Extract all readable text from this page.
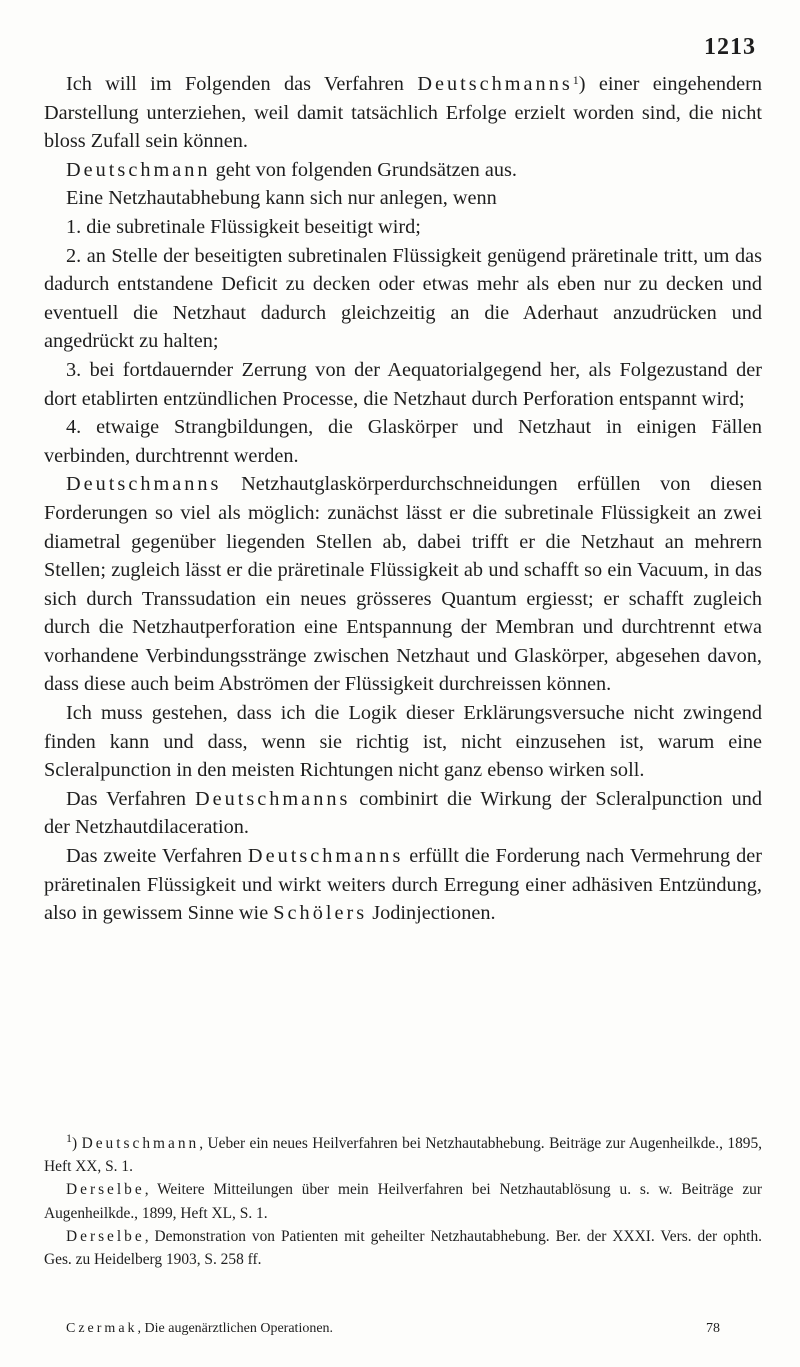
1213

Ich will im Folgenden das Verfahren Deutschmanns$^1$) einer eingehendern Darstellung unterziehen, weil damit tatsächlich Erfolge erzielt worden sind, die nicht bloss Zufall sein können.

Deutschmann geht von folgenden Grundsätzen aus.

Eine Netzhautabhebung kann sich nur anlegen, wenn

1. die subretinale Flüssigkeit beseitigt wird;

2. an Stelle der beseitigten subretinalen Flüssigkeit genügend präretinale tritt, um das dadurch entstandene Deficit zu decken oder etwas mehr als eben nur zu decken und eventuell die Netzhaut dadurch gleichzeitig an die Aderhaut anzudrücken und angedrückt zu halten;

3. bei fortdauernder Zerrung von der Aequatorialgegend her, als Folgezustand der dort etablirten entzündlichen Processe, die Netzhaut durch Perforation entspannt wird;

4. etwaige Strangbildungen, die Glaskörper und Netzhaut in einigen Fällen verbinden, durchtrennt werden.

Deutschmanns Netzhautglaskörperdurchschneidungen erfüllen von diesen Forderungen so viel als möglich: zunächst lässt er die subretinale Flüssigkeit an zwei diametral gegenüber liegenden Stellen ab, dabei trifft er die Netzhaut an mehrern Stellen; zugleich lässt er die präretinale Flüssigkeit ab und schafft so ein Vacuum, in das sich durch Transsudation ein neues grösseres Quantum ergiesst; er schafft zugleich durch die Netzhautperforation eine Entspannung der Membran und durchtrennt etwa vorhandene Verbindungsstränge zwischen Netzhaut und Glaskörper, abgesehen davon, dass diese auch beim Abströmen der Flüssigkeit durchreissen können.

Ich muss gestehen, dass ich die Logik dieser Erklärungsversuche nicht zwingend finden kann und dass, wenn sie richtig ist, nicht einzusehen ist, warum eine Scleralpunction in den meisten Richtungen nicht ganz ebenso wirken soll.

Das Verfahren Deutschmanns combinirt die Wirkung der Scleralpunction und der Netzhautdilaceration.

Das zweite Verfahren Deutschmanns erfüllt die Forderung nach Vermehrung der präretinalen Flüssigkeit und wirkt weiters durch Erregung einer adhäsiven Entzündung, also in gewissem Sinne wie Schölers Jodinjectionen.

$^1$) Deutschmann, Ueber ein neues Heilverfahren bei Netzhautabhebung. Beiträge zur Augenheilkde., 1895, Heft XX, S. 1.

Derselbe, Weitere Mitteilungen über mein Heilverfahren bei Netzhautablösung u. s. w. Beiträge zur Augenheilkde., 1899, Heft XL, S. 1.

Derselbe, Demonstration von Patienten mit geheilter Netzhautabhebung. Ber. der XXXI. Vers. der ophth. Ges. zu Heidelberg 1903, S. 258 ff.

Czermak, Die augenärztlichen Operationen.	78
